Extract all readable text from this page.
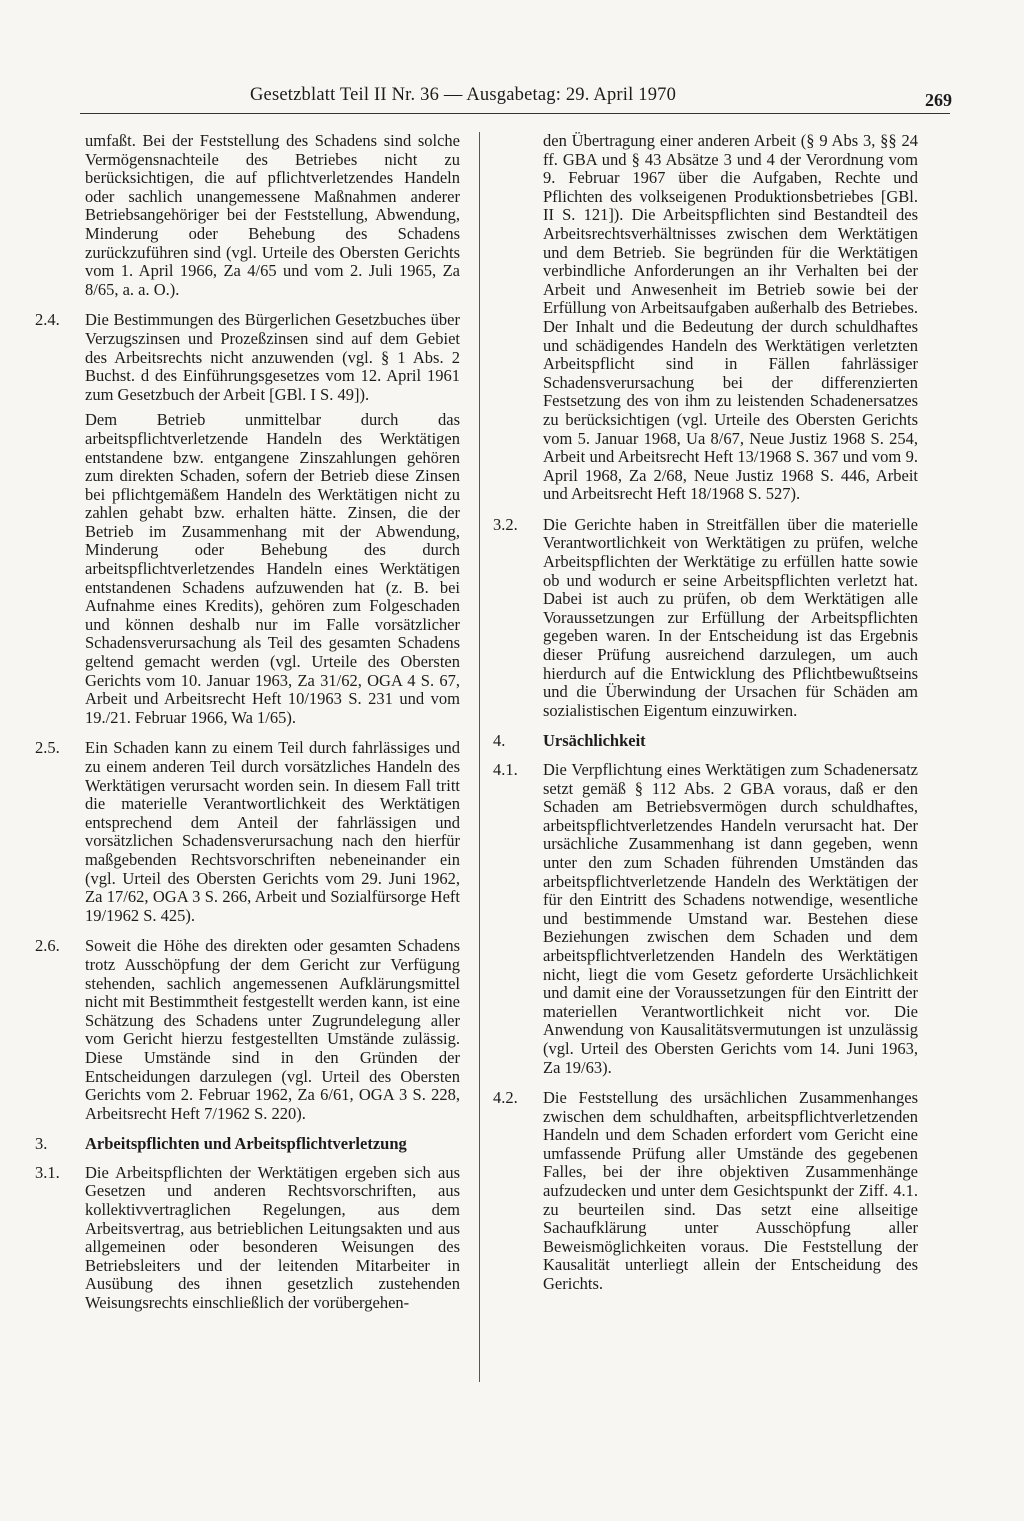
Gesetzblatt Teil II Nr. 36 — Ausgabetag: 29. April 1970	269

umfaßt. Bei der Feststellung des Schadens sind solche Vermögensnachteile des Betriebes nicht zu berücksichtigen, die auf pflichtverletzendes Handeln oder sachlich unangemessene Maßnahmen anderer Betriebsangehöriger bei der Feststellung, Abwendung, Minderung oder Behebung des Schadens zurückzuführen sind (vgl. Urteile des Obersten Gerichts vom 1. April 1966, Za 4/65 und vom 2. Juli 1965, Za 8/65, a. a. O.).

2.4. Die Bestimmungen des Bürgerlichen Gesetzbuches über Verzugszinsen und Prozeßzinsen sind auf dem Gebiet des Arbeitsrechts nicht anzuwenden (vgl. § 1 Abs. 2 Buchst. d des Einführungsgesetzes vom 12. April 1961 zum Gesetzbuch der Arbeit [GBl. I S. 49]).

Dem Betrieb unmittelbar durch das arbeitspflichtverletzende Handeln des Werktätigen entstandene bzw. entgangene Zinszahlungen gehören zum direkten Schaden, sofern der Betrieb diese Zinsen bei pflichtgemäßem Handeln des Werktätigen nicht zu zahlen gehabt bzw. erhalten hätte. Zinsen, die der Betrieb im Zusammenhang mit der Abwendung, Minderung oder Behebung des durch arbeitspflichtverletzendes Handeln eines Werktätigen entstandenen Schadens aufzuwenden hat (z. B. bei Aufnahme eines Kredits), gehören zum Folgeschaden und können deshalb nur im Falle vorsätzlicher Schadensverursachung als Teil des gesamten Schadens geltend gemacht werden (vgl. Urteile des Obersten Gerichts vom 10. Januar 1963, Za 31/62, OGA 4 S. 67, Arbeit und Arbeitsrecht Heft 10/1963 S. 231 und vom 19./21. Februar 1966, Wa 1/65).

2.5. Ein Schaden kann zu einem Teil durch fahrlässiges und zu einem anderen Teil durch vorsätzliches Handeln des Werktätigen verursacht worden sein. In diesem Fall tritt die materielle Verantwortlichkeit des Werktätigen entsprechend dem Anteil der fahrlässigen und vorsätzlichen Schadensverursachung nach den hierfür maßgebenden Rechtsvorschriften nebeneinander ein (vgl. Urteil des Obersten Gerichts vom 29. Juni 1962, Za 17/62, OGA 3 S. 266, Arbeit und Sozialfürsorge Heft 19/1962 S. 425).

2.6. Soweit die Höhe des direkten oder gesamten Schadens trotz Ausschöpfung der dem Gericht zur Verfügung stehenden, sachlich angemessenen Aufklärungsmittel nicht mit Bestimmtheit festgestellt werden kann, ist eine Schätzung des Schadens unter Zugrundelegung aller vom Gericht hierzu festgestellten Umstände zulässig. Diese Umstände sind in den Gründen der Entscheidungen darzulegen (vgl. Urteil des Obersten Gerichts vom 2. Februar 1962, Za 6/61, OGA 3 S. 228, Arbeitsrecht Heft 7/1962 S. 220).

3. Arbeitspflichten und Arbeitspflichtverletzung

3.1. Die Arbeitspflichten der Werktätigen ergeben sich aus Gesetzen und anderen Rechtsvorschriften, aus kollektivvertraglichen Regelungen, aus dem Arbeitsvertrag, aus betrieblichen Leitungsakten und aus allgemeinen oder besonderen Weisungen des Betriebsleiters und der leitenden Mitarbeiter in Ausübung des ihnen gesetzlich zustehenden Weisungsrechts einschließlich der vorübergehen-

den Übertragung einer anderen Arbeit (§ 9 Abs 3, §§ 24 ff. GBA und § 43 Absätze 3 und 4 der Verordnung vom 9. Februar 1967 über die Aufgaben, Rechte und Pflichten des volkseigenen Produktionsbetriebes [GBl. II S. 121]). Die Arbeitspflichten sind Bestandteil des Arbeitsrechtsverhältnisses zwischen dem Werktätigen und dem Betrieb. Sie begründen für die Werktätigen verbindliche Anforderungen an ihr Verhalten bei der Arbeit und Anwesenheit im Betrieb sowie bei der Erfüllung von Arbeitsaufgaben außerhalb des Betriebes. Der Inhalt und die Bedeutung der durch schuldhaftes und schädigendes Handeln des Werktätigen verletzten Arbeitspflicht sind in Fällen fahrlässiger Schadensverursachung bei der differenzierten Festsetzung des von ihm zu leistenden Schadenersatzes zu berücksichtigen (vgl. Urteile des Obersten Gerichts vom 5. Januar 1968, Ua 8/67, Neue Justiz 1968 S. 254, Arbeit und Arbeitsrecht Heft 13/1968 S. 367 und vom 9. April 1968, Za 2/68, Neue Justiz 1968 S. 446, Arbeit und Arbeitsrecht Heft 18/1968 S. 527).

3.2. Die Gerichte haben in Streitfällen über die materielle Verantwortlichkeit von Werktätigen zu prüfen, welche Arbeitspflichten der Werktätige zu erfüllen hatte sowie ob und wodurch er seine Arbeitspflichten verletzt hat. Dabei ist auch zu prüfen, ob dem Werktätigen alle Voraussetzungen zur Erfüllung der Arbeitspflichten gegeben waren. In der Entscheidung ist das Ergebnis dieser Prüfung ausreichend darzulegen, um auch hierdurch auf die Entwicklung des Pflichtbewußtseins und die Überwindung der Ursachen für Schäden am sozialistischen Eigentum einzuwirken.

4. Ursächlichkeit

4.1. Die Verpflichtung eines Werktätigen zum Schadenersatz setzt gemäß § 112 Abs. 2 GBA voraus, daß er den Schaden am Betriebsvermögen durch schuldhaftes, arbeitspflichtverletzendes Handeln verursacht hat. Der ursächliche Zusammenhang ist dann gegeben, wenn unter den zum Schaden führenden Umständen das arbeitspflichtverletzende Handeln des Werktätigen der für den Eintritt des Schadens notwendige, wesentliche und bestimmende Umstand war. Bestehen diese Beziehungen zwischen dem Schaden und dem arbeitspflichtverletzenden Handeln des Werktätigen nicht, liegt die vom Gesetz geforderte Ursächlichkeit und damit eine der Voraussetzungen für den Eintritt der materiellen Verantwortlichkeit nicht vor. Die Anwendung von Kausalitätsvermutungen ist unzulässig (vgl. Urteil des Obersten Gerichts vom 14. Juni 1963, Za 19/63).

4.2. Die Feststellung des ursächlichen Zusammenhanges zwischen dem schuldhaften, arbeitspflichtverletzenden Handeln und dem Schaden erfordert vom Gericht eine umfassende Prüfung aller Umstände des gegebenen Falles, bei der ihre objektiven Zusammenhänge aufzudecken und unter dem Gesichtspunkt der Ziff. 4.1. zu beurteilen sind. Das setzt eine allseitige Sachaufklärung unter Ausschöpfung aller Beweismöglichkeiten voraus. Die Feststellung der Kausalität unterliegt allein der Entscheidung des Gerichts.
